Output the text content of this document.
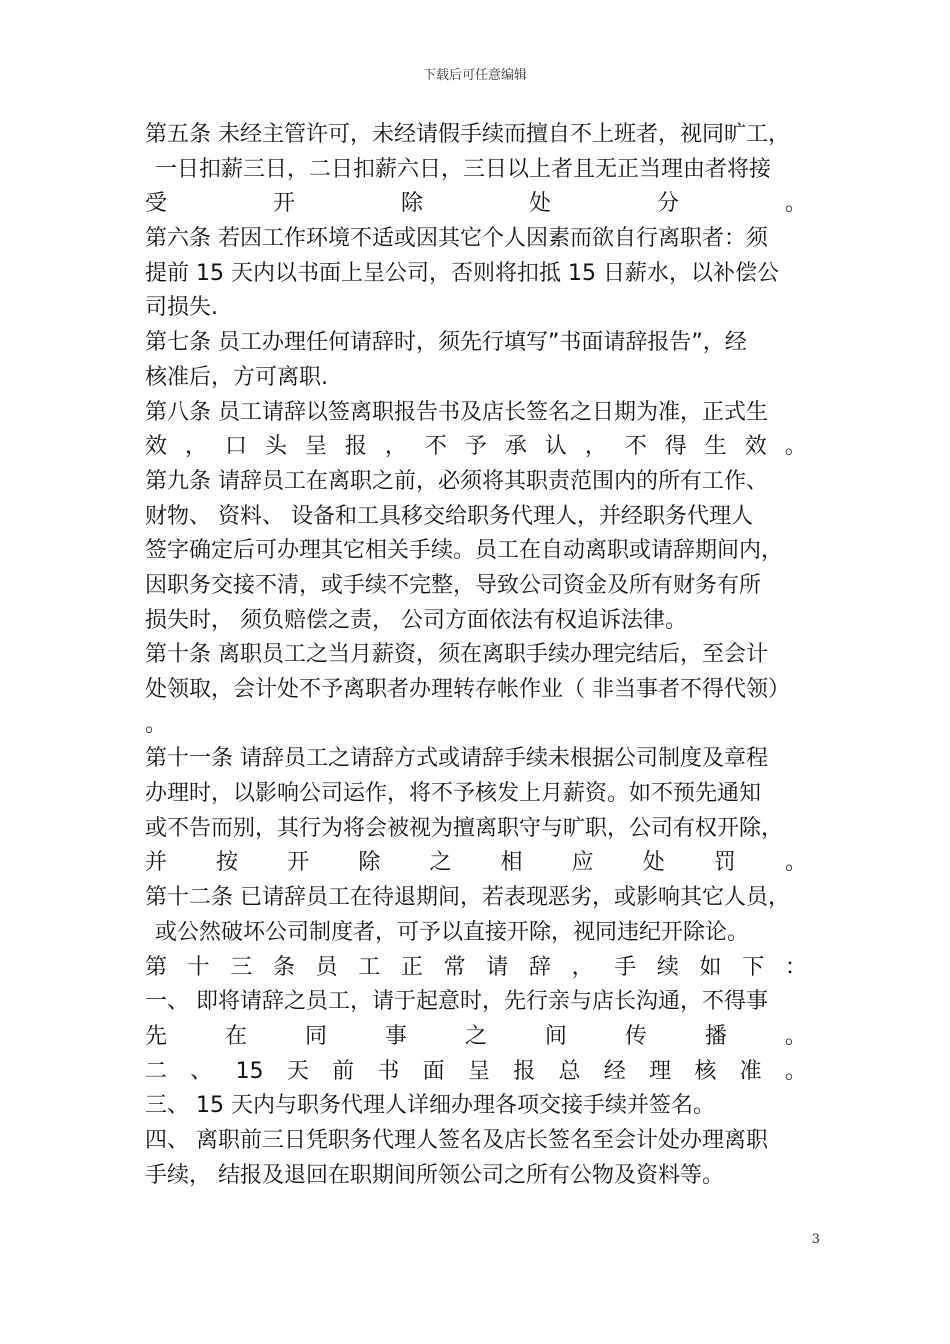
下载后可任意编辑
第五条 未经主管许可，未经请假手续而擅自不上班者，视同旷工，
一日扣薪三日，二日扣薪六日，三日以上者且无正当理由者将接
受	开	除	处	分	。
第六条 若因工作环境不适或因其它个人因素而欲自行离职者：须
提前 15 天内以书面上呈公司，否则将扣抵 15 日薪水，以补偿公
司损失.
第七条 员工办理任何请辞时，须先行填写”书面请辞报告”，经
核准后，方可离职.
第八条 员工请辞以签离职报告书及店长签名之日期为准，正式生
效 ， 口 头 呈 报 ， 不 予 承 认 ， 不 得 生 效 。
第九条 请辞员工在离职之前，必须将其职责范围内的所有工作、
财物、 资料、 设备和工具移交给职务代理人，并经职务代理人
签字确定后可办理其它相关手续。员工在自动离职或请辞期间内，
因职务交接不清，或手续不完整，导致公司资金及所有财务有所
损失时， 须负赔偿之责， 公司方面依法有权追诉法律。
第十条 离职员工之当月薪资，须在离职手续办理完结后，至会计
处领取，会计处不予离职者办理转存帐作业（ 非当事者不得代领）
。
第十一条 请辞员工之请辞方式或请辞手续未根据公司制度及章程
办理时，以影响公司运作，将不予核发上月薪资。如不预先通知
或不告而别，其行为将会被视为擅离职守与旷职，公司有权开除，
并 按 开 除 之 相 应 处 罚 。
第十二条 已请辞员工在待退期间，若表现恶劣，或影响其它人员，
或公然破坏公司制度者，可予以直接开除，视同违纪开除论。
第 十 三 条 员 工 正 常 请 辞 ， 手 续 如 下 ：
一、 即将请辞之员工，请于起意时，先行亲与店长沟通，不得事
先	在	同	事	之	间	传	播	。
二 、 15 天 前 书 面 呈 报 总 经 理 核 准 。
三、 15 天内与职务代理人详细办理各项交接手续并签名。
四、 离职前三日凭职务代理人签名及店长签名至会计处办理离职
手续， 结报及退回在职期间所领公司之所有公物及资料等。
3
